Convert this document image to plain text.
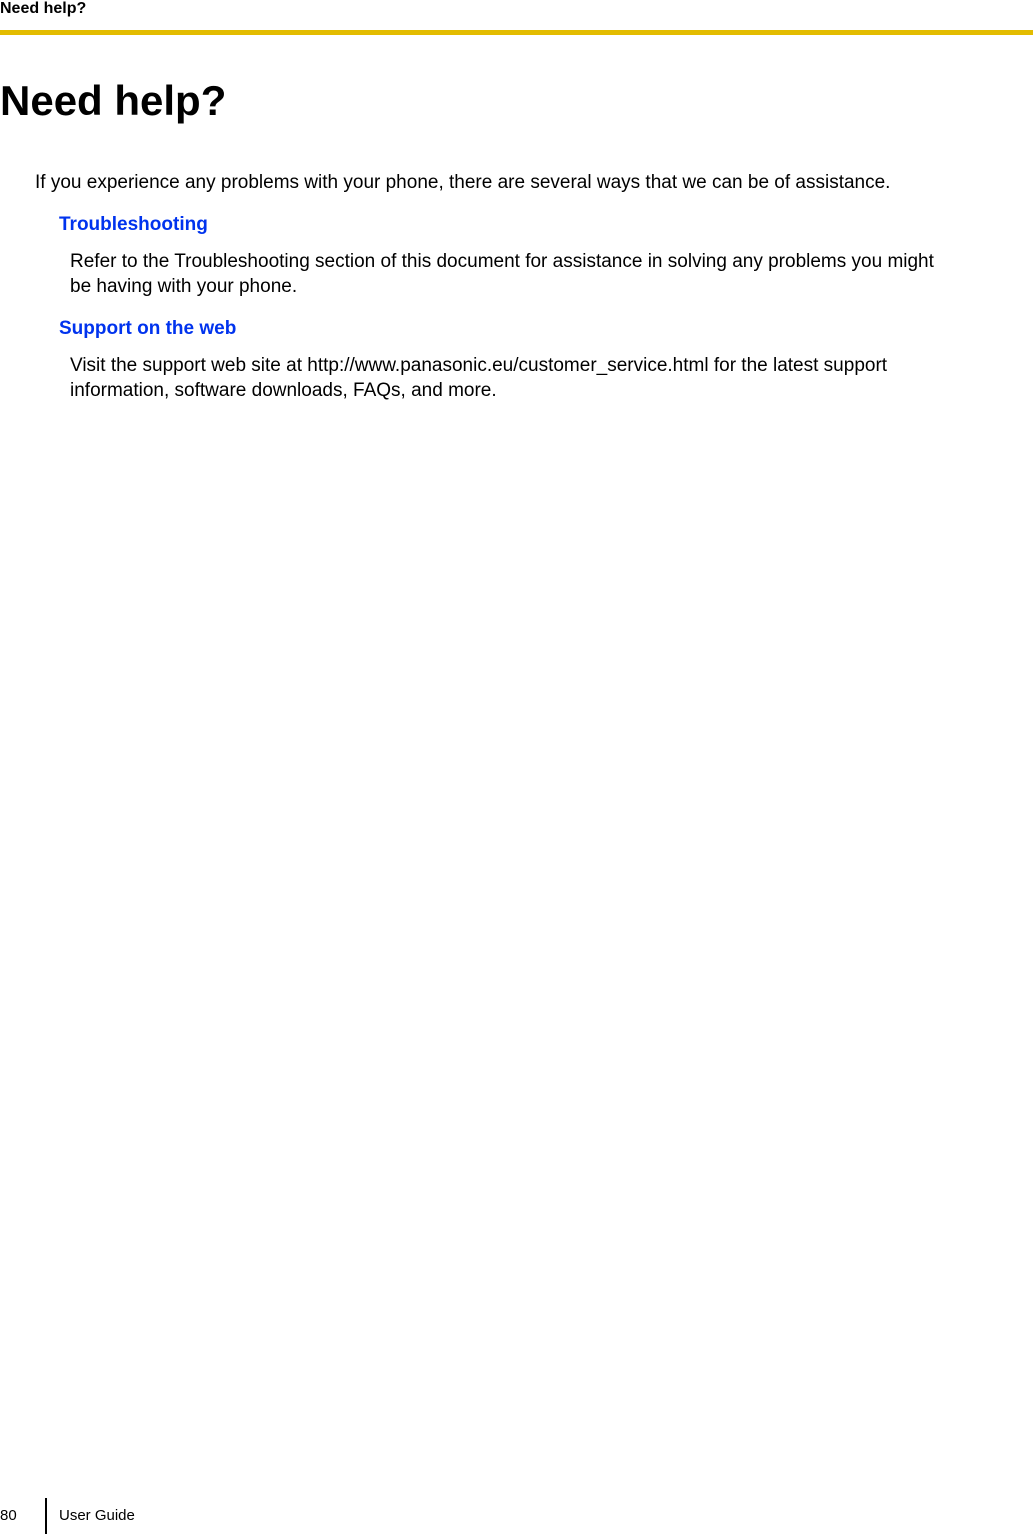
Need help?
Need help?

If you experience any problems with your phone, there are several ways that we can be of assistance.

Troubleshooting
Refer to the Troubleshooting section of this document for assistance in solving any problems you might
be having with your phone.
Support on the web
Visit the support web site at http://www.panasonic.eu/customer_service.html for the latest support
information, software downloads, FAQs, and more.
80	User Guide
